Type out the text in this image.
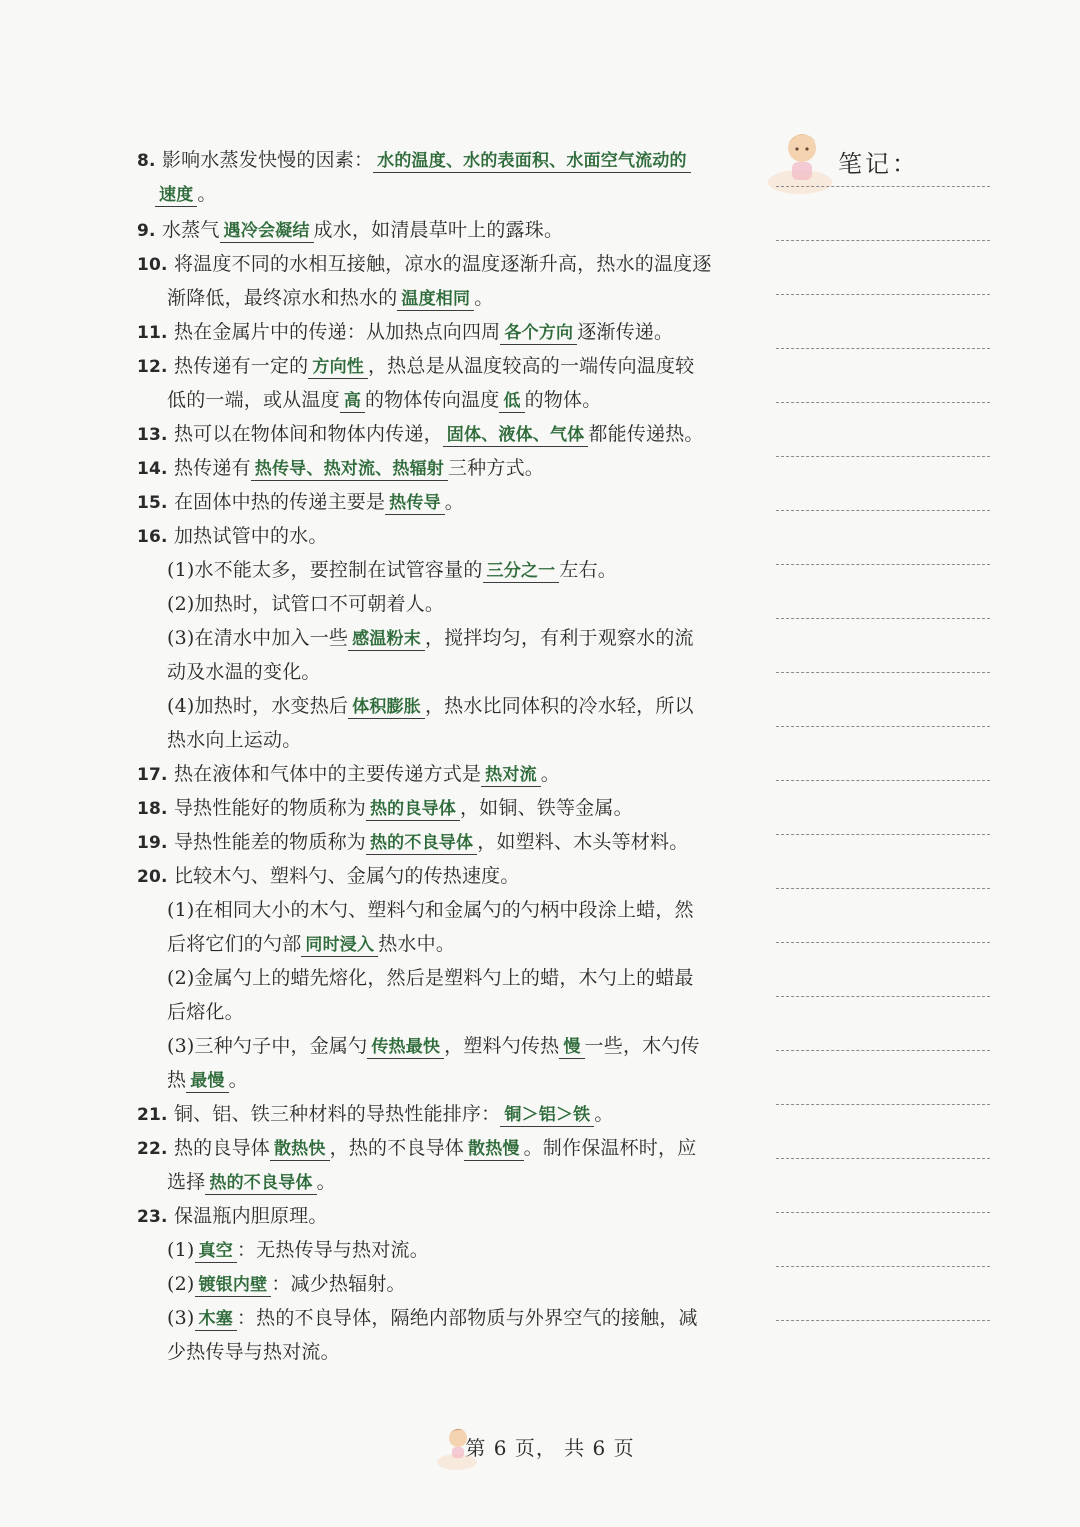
笔记：
8. 影响水蒸发快慢的因素： 水的温度、水的表面积、水面空气流动的
速度 。
9. 水蒸气 遇冷会凝结 成水，如清晨草叶上的露珠。
10. 将温度不同的水相互接触，凉水的温度逐渐升高，热水的温度逐
渐降低，最终凉水和热水的 温度相同 。
11. 热在金属片中的传递：从加热点向四周 各个方向 逐渐传递。
12. 热传递有一定的 方向性 ，热总是从温度较高的一端传向温度较
低的一端，或从温度 高 的物体传向温度 低 的物体。
13. 热可以在物体间和物体内传递， 固体、液体、气体 都能传递热。
14. 热传递有 热传导、热对流、热辐射 三种方式。
15. 在固体中热的传递主要是 热传导 。
16. 加热试管中的水。
(1)水不能太多，要控制在试管容量的 三分之一 左右。
(2)加热时，试管口不可朝着人。
(3)在清水中加入一些 感温粉末 ，搅拌均匀，有利于观察水的流
动及水温的变化。
(4)加热时，水变热后 体积膨胀 ，热水比同体积的冷水轻，所以
热水向上运动。
17. 热在液体和气体中的主要传递方式是 热对流 。
18. 导热性能好的物质称为 热的良导体 ，如铜、铁等金属。
19. 导热性能差的物质称为 热的不良导体 ，如塑料、木头等材料。
20. 比较木勺、塑料勺、金属勺的传热速度。
(1)在相同大小的木勺、塑料勺和金属勺的勺柄中段涂上蜡，然
后将它们的勺部 同时浸入 热水中。
(2)金属勺上的蜡先熔化，然后是塑料勺上的蜡，木勺上的蜡最
后熔化。
(3)三种勺子中，金属勺 传热最快 ，塑料勺传热 慢 一些，木勺传
热 最慢 。
21. 铜、铝、铁三种材料的导热性能排序： 铜＞铝＞铁 。
22. 热的良导体 散热快 ，热的不良导体 散热慢 。制作保温杯时，应
选择 热的不良导体 。
23. 保温瓶内胆原理。
(1) 真空 ：无热传导与热对流。
(2) 镀银内壁 ：减少热辐射。
(3) 木塞 ：热的不良导体，隔绝内部物质与外界空气的接触，减
少热传导与热对流。
第 6 页， 共 6 页
